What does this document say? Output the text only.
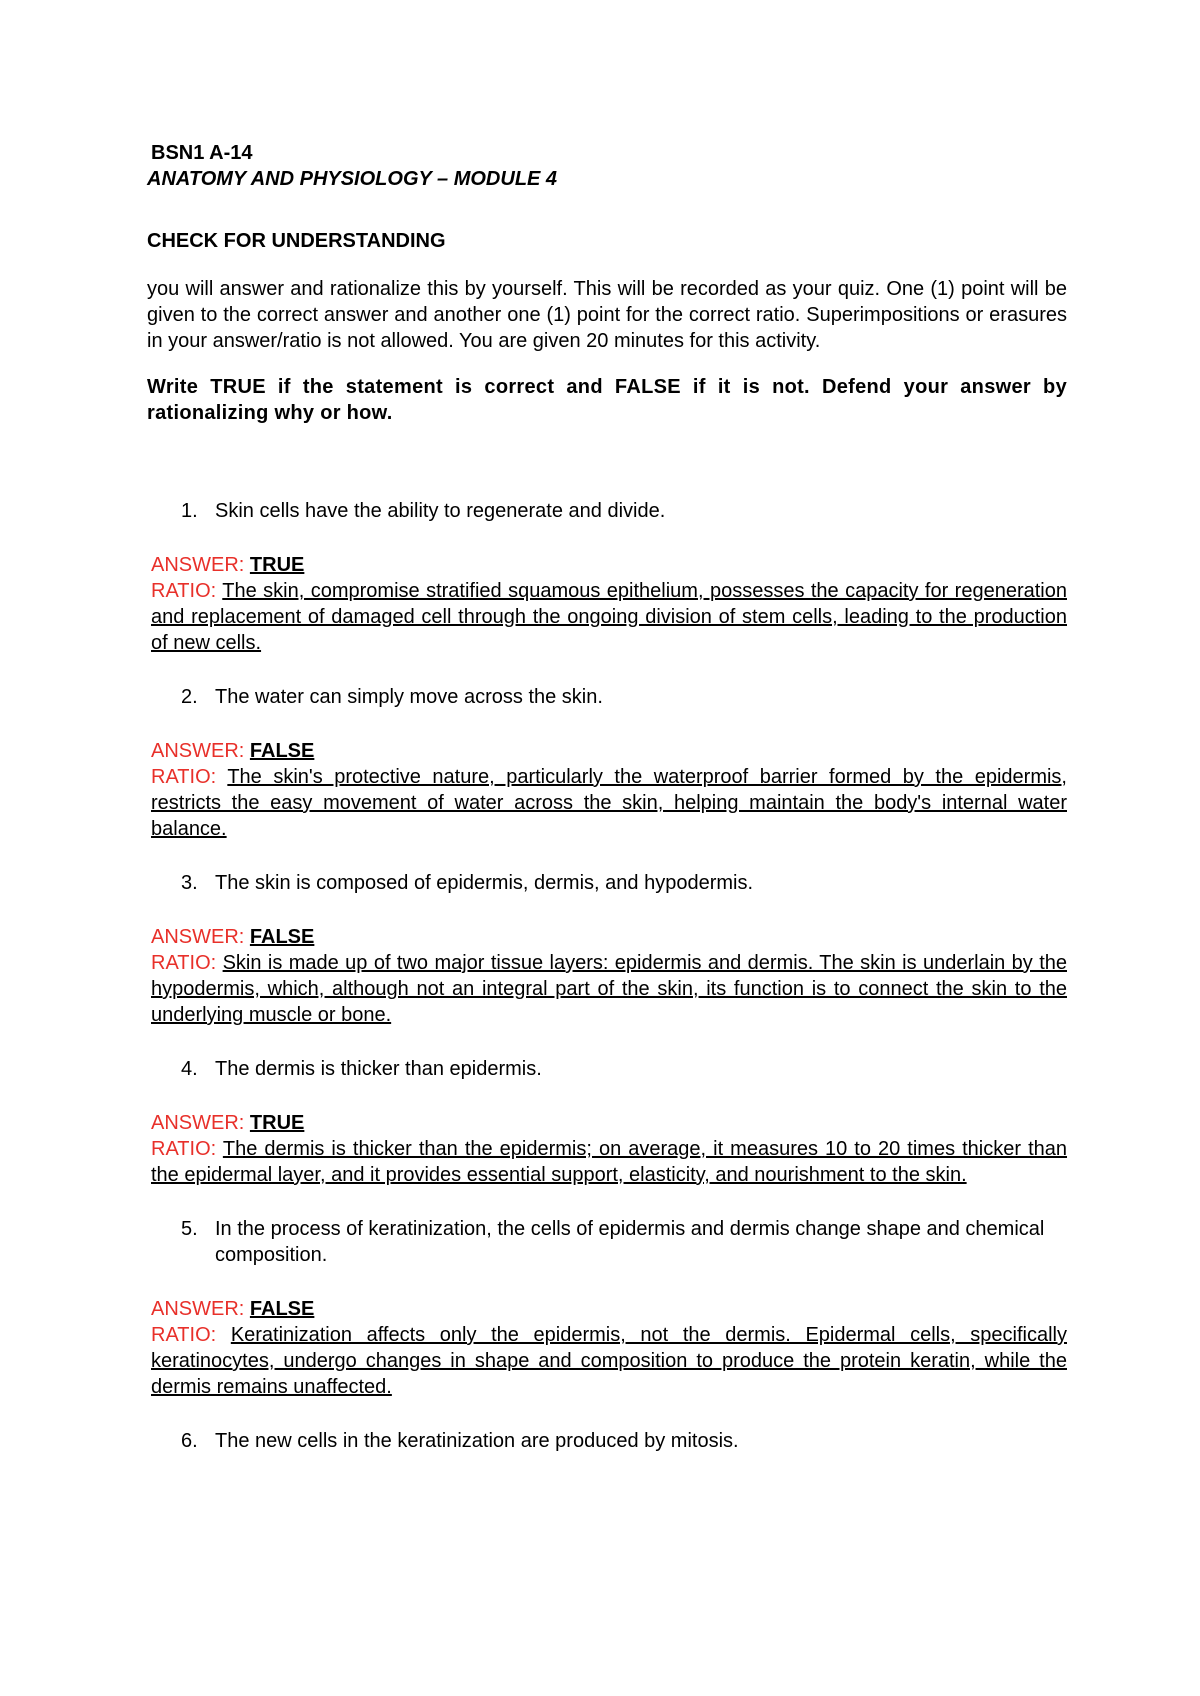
BSN1 A-14
ANATOMY AND PHYSIOLOGY – MODULE 4
CHECK FOR UNDERSTANDING
you will answer and rationalize this by yourself. This will be recorded as your quiz. One (1) point will be given to the correct answer and another one (1) point for the correct ratio. Superimpositions or erasures in your answer/ratio is not allowed. You are given 20 minutes for this activity.
Write TRUE if the statement is correct and FALSE if it is not. Defend your answer by rationalizing why or how.
1. Skin cells have the ability to regenerate and divide.
ANSWER: TRUE
RATIO: The skin, compromise stratified squamous epithelium, possesses the capacity for regeneration and replacement of damaged cell through the ongoing division of stem cells, leading to the production of new cells.
2. The water can simply move across the skin.
ANSWER: FALSE
RATIO: The skin's protective nature, particularly the waterproof barrier formed by the epidermis, restricts the easy movement of water across the skin, helping maintain the body's internal water balance.
3. The skin is composed of epidermis, dermis, and hypodermis.
ANSWER: FALSE
RATIO: Skin is made up of two major tissue layers: epidermis and dermis. The skin is underlain by the hypodermis, which, although not an integral part of the skin, its function is to connect the skin to the underlying muscle or bone.
4. The dermis is thicker than epidermis.
ANSWER: TRUE
RATIO: The dermis is thicker than the epidermis; on average, it measures 10 to 20 times thicker than the epidermal layer, and it provides essential support, elasticity, and nourishment to the skin.
5. In the process of keratinization, the cells of epidermis and dermis change shape and chemical composition.
ANSWER: FALSE
RATIO: Keratinization affects only the epidermis, not the dermis. Epidermal cells, specifically keratinocytes, undergo changes in shape and composition to produce the protein keratin, while the dermis remains unaffected.
6. The new cells in the keratinization are produced by mitosis.
